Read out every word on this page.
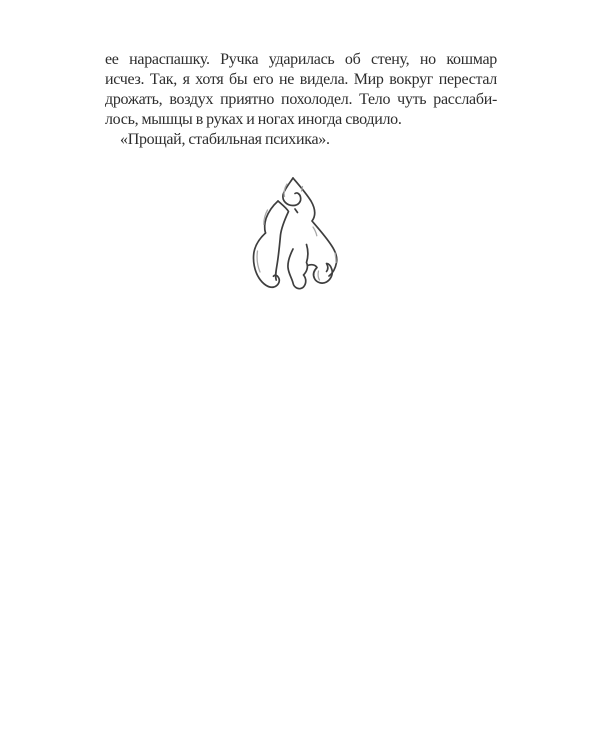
ее нараспашку. Ручка ударилась об стену, но кошмар

исчез. Так, я хотя бы его не видела. Мир вокруг перестал

дрожать, воздух приятно похолодел. Тело чуть расслаби-

лось, мышцы в руках и ногах иногда сводило.

«Прощай, стабильная психика».
